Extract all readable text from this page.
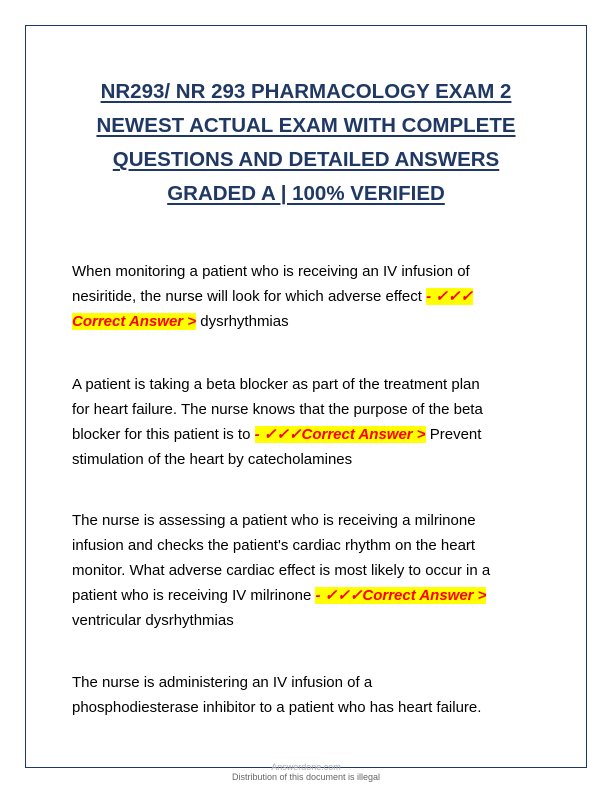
NR293/ NR 293 PHARMACOLOGY EXAM 2
NEWEST ACTUAL EXAM WITH COMPLETE
QUESTIONS AND DETAILED ANSWERS
GRADED A | 100% VERIFIED
When monitoring a patient who is receiving an IV infusion of
nesiritide, the nurse will look for which adverse effect - ✓✓✓
Correct Answer > dysrhythmias
A patient is taking a beta blocker as part of the treatment plan
for heart failure. The nurse knows that the purpose of the beta
blocker for this patient is to - ✓✓✓Correct Answer > Prevent
stimulation of the heart by catecholamines
The nurse is assessing a patient who is receiving a milrinone
infusion and checks the patient's cardiac rhythm on the heart
monitor. What adverse cardiac effect is most likely to occur in a
patient who is receiving IV milrinone - ✓✓✓Correct Answer >
ventricular dysrhythmias
The nurse is administering an IV infusion of a
phosphodiesterase inhibitor to a patient who has heart failure.
Answerdone.com
Distribution of this document is illegal
